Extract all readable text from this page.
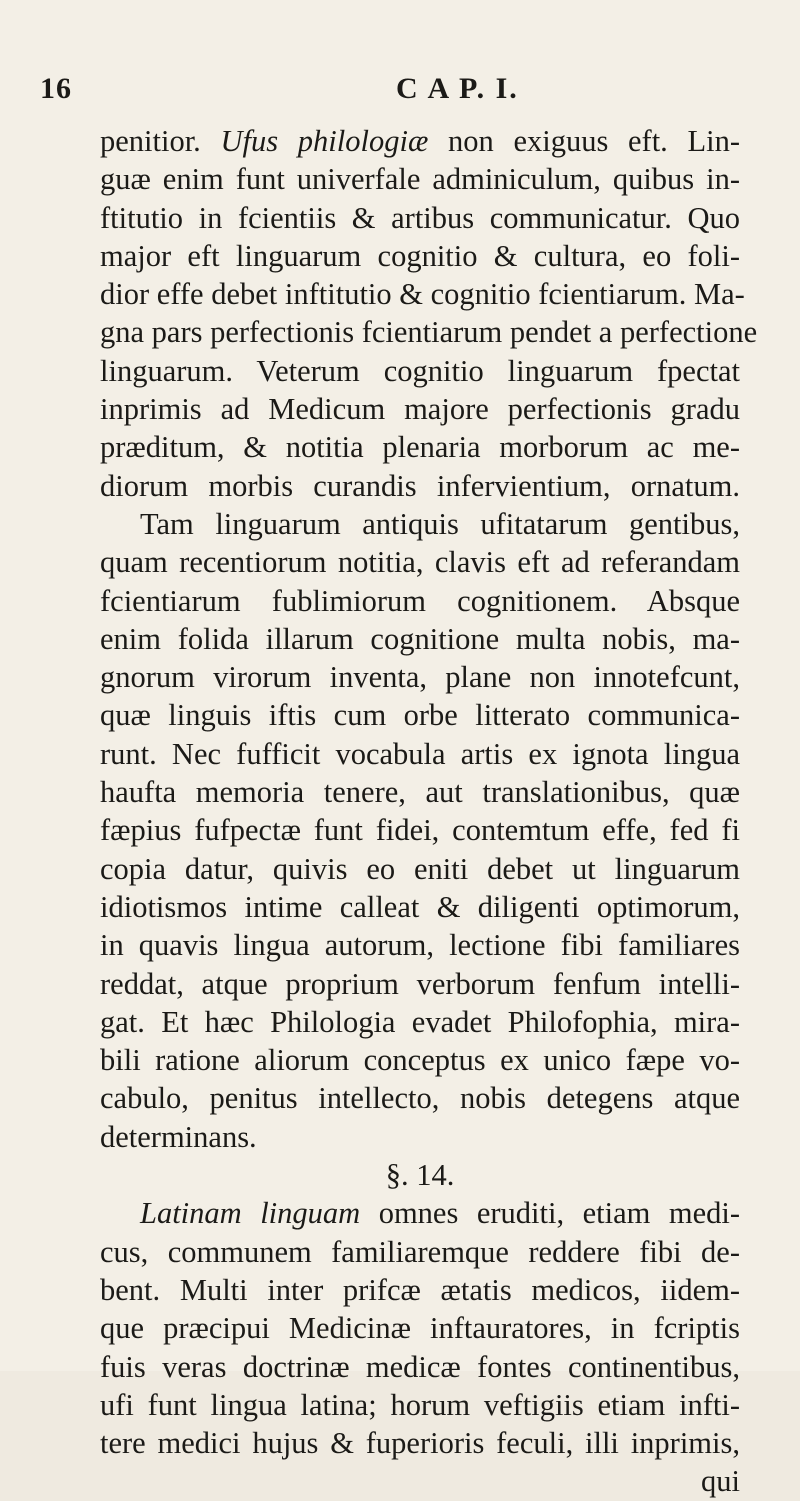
16	C A P. I.
penitior. Ufus philologiæ non exiguus eft. Lin-
guæ enim funt univerfale adminiculum, quibus in-
ftitutio in fcientiis & artibus communicatur. Quo
major eft linguarum cognitio & cultura, eo foli-
dior effe debet inftitutio & cognitio fcientiarum. Ma-
gna pars perfectionis fcientiarum pendet a perfectione
linguarum. Veterum cognitio linguarum fpectat
inprimis ad Medicum majore perfectionis gradu
præditum, & notitia plenaria morborum ac me-
diorum morbis curandis infervientium, ornatum.
Tam linguarum antiquis ufitatarum gentibus,
quam recentiorum notitia, clavis eft ad referandam
fcientiarum fublimiorum cognitionem. Absque
enim folida illarum cognitione multa nobis, ma-
gnorum virorum inventa, plane non innotefcunt,
quæ linguis iftis cum orbe litterato communica-
runt. Nec fufficit vocabula artis ex ignota lingua
haufta memoria tenere, aut translationibus, quæ
fæpius fufpectæ funt fidei, contemtum effe, fed fi
copia datur, quivis eo eniti debet ut linguarum
idiotismos intime calleat & diligenti optimorum,
in quavis lingua autorum, lectione fibi familiares
reddat, atque proprium verborum fenfum intelli-
gat. Et hæc Philologia evadet Philofophia, mira-
bili ratione aliorum conceptus ex unico fæpe vo-
cabulo, penitus intellecto, nobis detegens atque
determinans.
§. 14.
Latinam linguam omnes eruditi, etiam medi-
cus, communem familiaremque reddere fibi de-
bent. Multi inter prifcæ ætatis medicos, iidem-
que præcipui Medicinæ inftauratores, in fcriptis
fuis veras doctrinæ medicæ fontes continentibus,
ufi funt lingua latina; horum veftigiis etiam infti-
tere medici hujus & fuperioris feculi, illi inprimis,
qui
